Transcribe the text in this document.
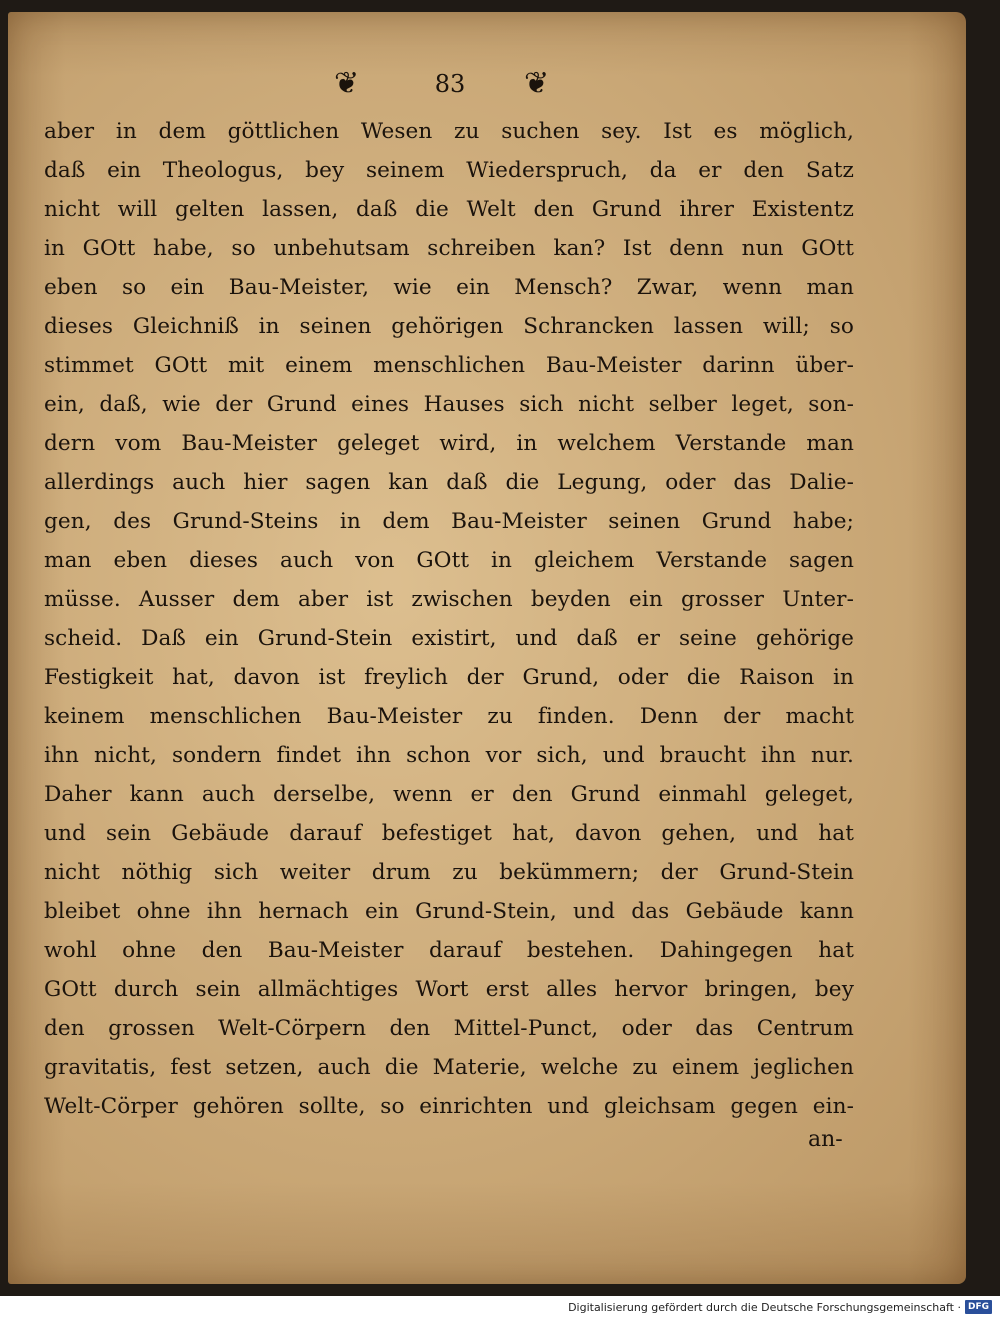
❦	83	❦
aber in dem göttlichen Wesen zu suchen sey. Ist es möglich,
daß ein Theologus, bey seinem Wiederspruch, da er den Satz
nicht will gelten lassen, daß die Welt den Grund ihrer Existentz
in GOtt habe, so unbehutsam schreiben kan? Ist denn nun GOtt
eben so ein Bau-Meister, wie ein Mensch? Zwar, wenn man
dieses Gleichniß in seinen gehörigen Schrancken lassen will; so
stimmet GOtt mit einem menschlichen Bau-Meister darinn über-
ein, daß, wie der Grund eines Hauses sich nicht selber leget, son-
dern vom Bau-Meister geleget wird, in welchem Verstande man
allerdings auch hier sagen kan daß die Legung, oder das Dalie-
gen, des Grund-Steins in dem Bau-Meister seinen Grund habe;
man eben dieses auch von GOtt in gleichem Verstande sagen
müsse. Ausser dem aber ist zwischen beyden ein grosser Unter-
scheid. Daß ein Grund-Stein existirt, und daß er seine gehörige
Festigkeit hat, davon ist freylich der Grund, oder die Raison in
keinem menschlichen Bau-Meister zu finden. Denn der macht
ihn nicht, sondern findet ihn schon vor sich, und braucht ihn nur.
Daher kann auch derselbe, wenn er den Grund einmahl geleget,
und sein Gebäude darauf befestiget hat, davon gehen, und hat
nicht nöthig sich weiter drum zu bekümmern; der Grund-Stein
bleibet ohne ihn hernach ein Grund-Stein, und das Gebäude kann
wohl ohne den Bau-Meister darauf bestehen. Dahingegen hat
GOtt durch sein allmächtiges Wort erst alles hervor bringen, bey
den grossen Welt-Cörpern den Mittel-Punct, oder das Centrum
gravitatis, fest setzen, auch die Materie, welche zu einem jeglichen
Welt-Cörper gehören sollte, so einrichten und gleichsam gegen ein-
an-
Digitalisierung gefördert durch die Deutsche Forschungsgemeinschaft · DFG
